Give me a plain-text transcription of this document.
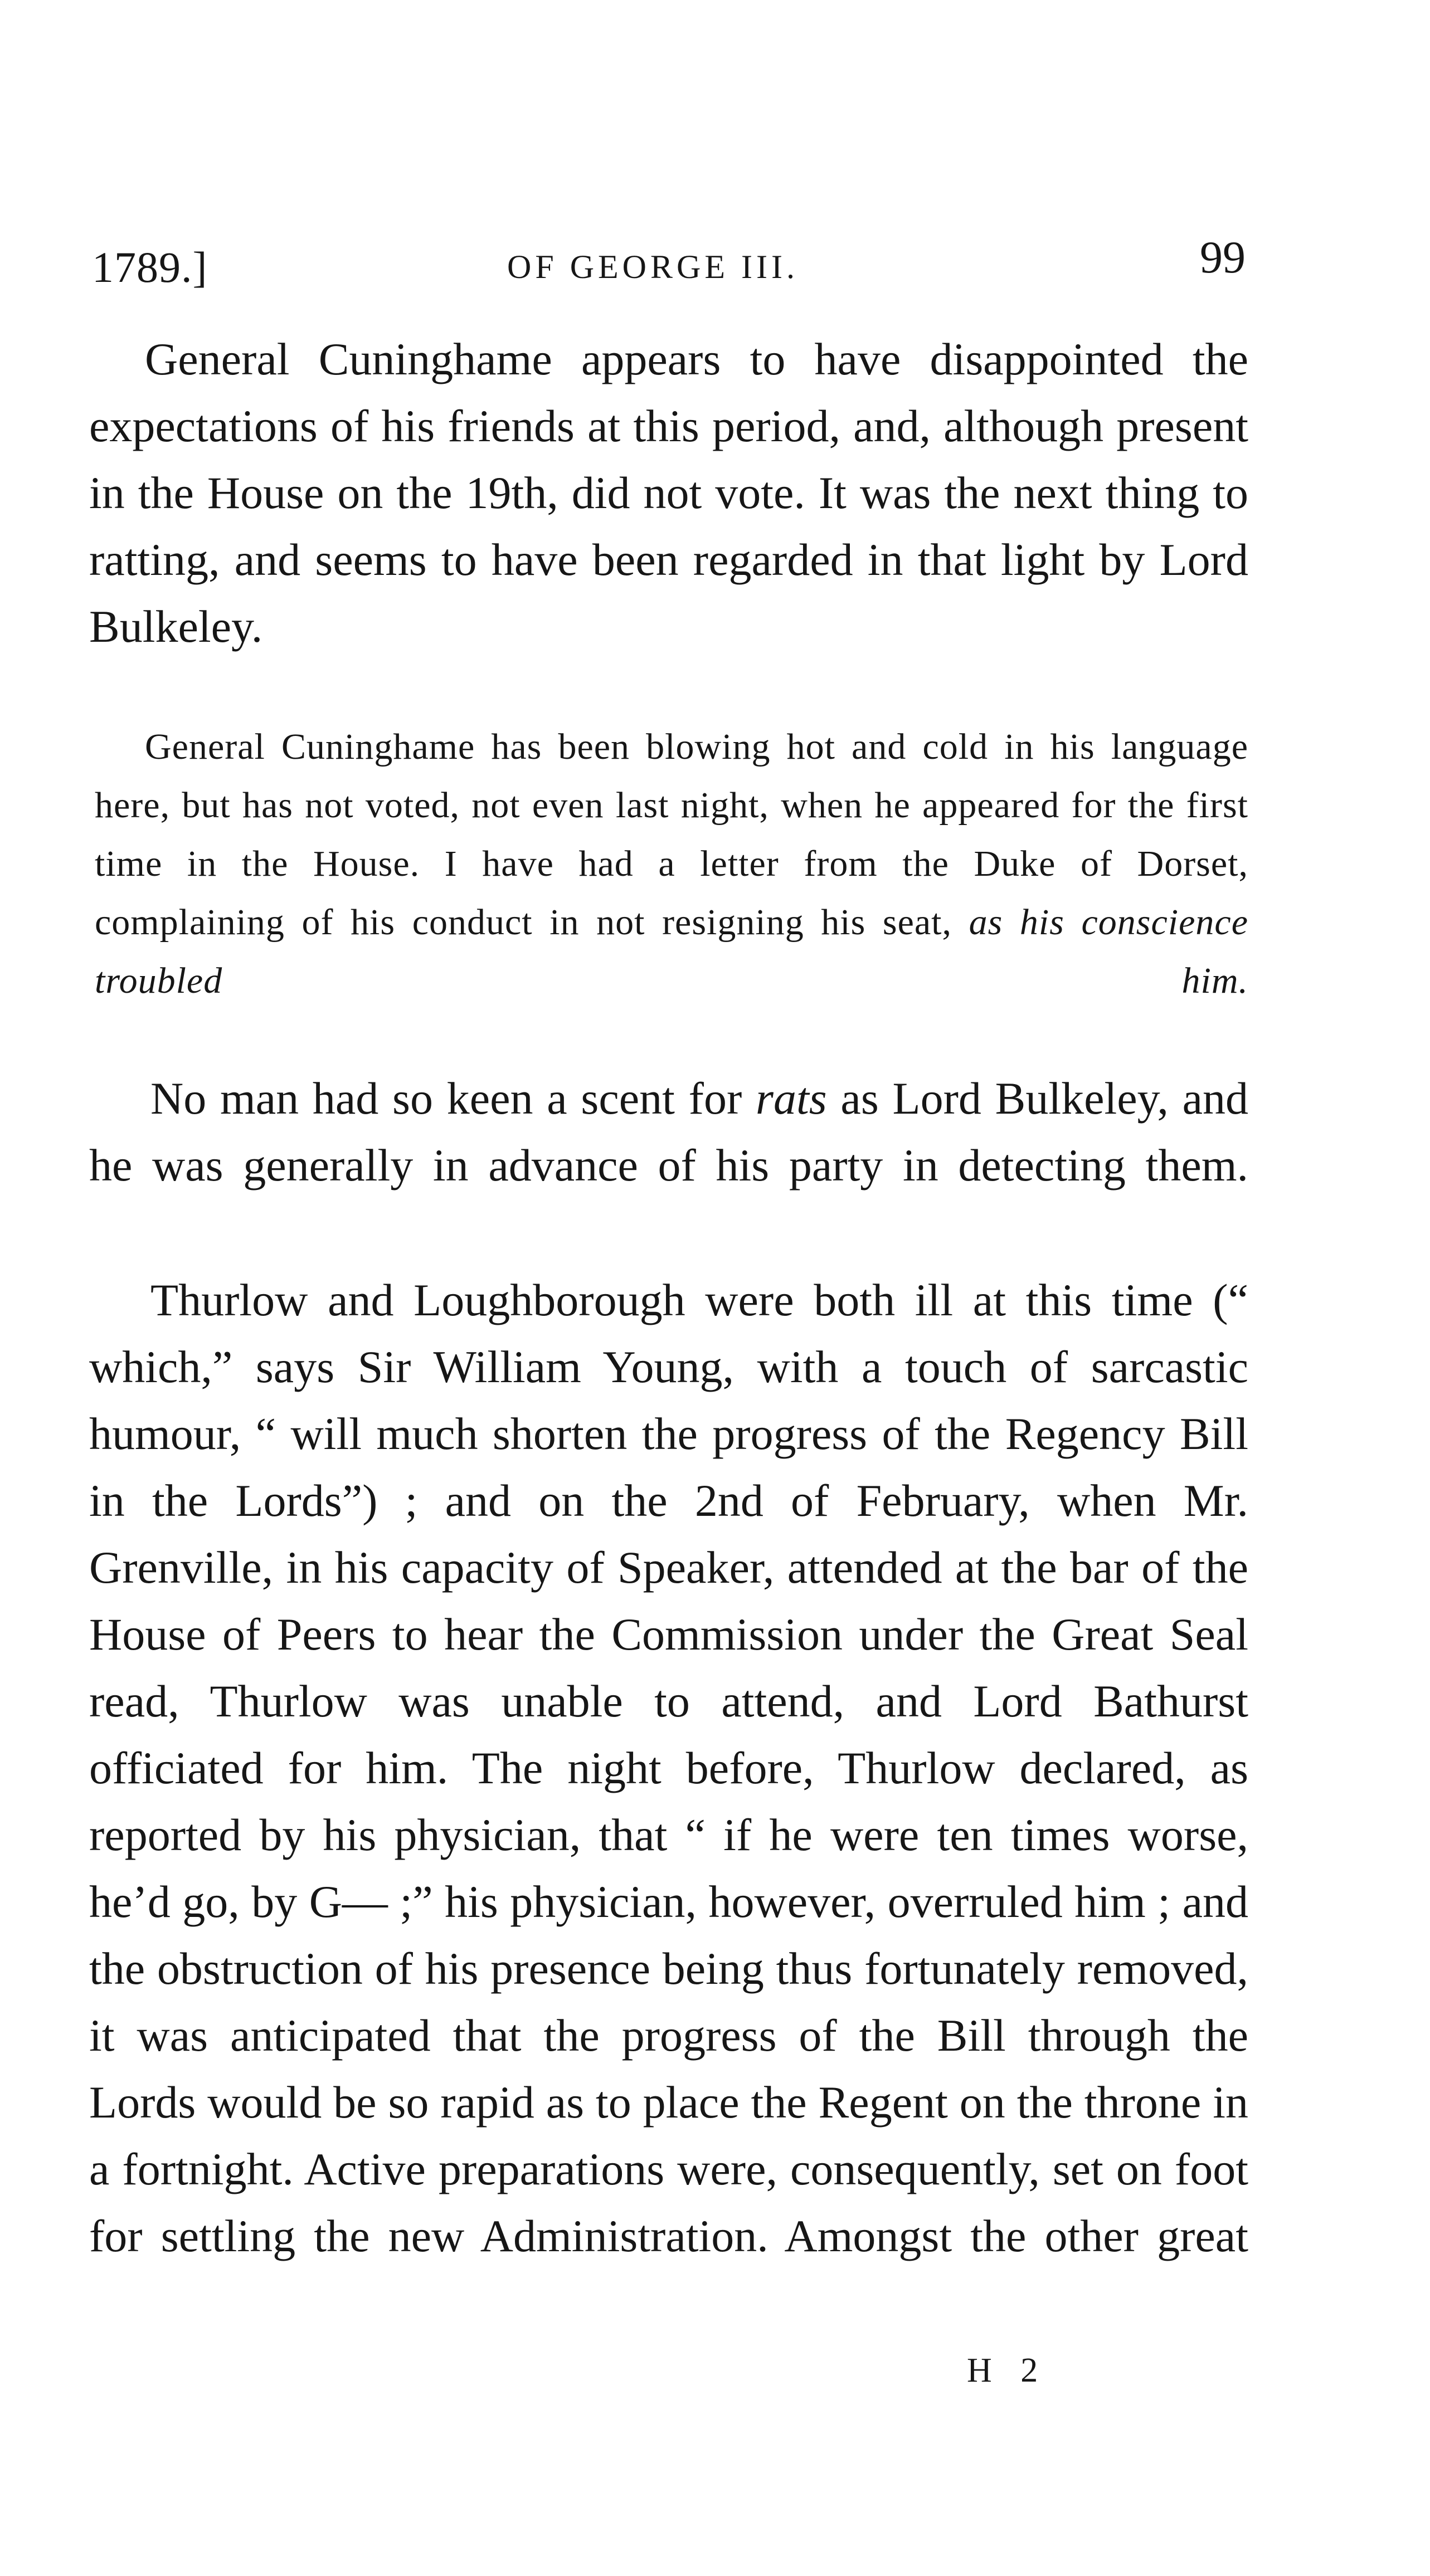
1789.]	OF GEORGE III.	99

General Cuninghame appears to have disappointed the expectations of his friends at this period, and, although present in the House on the 19th, did not vote. It was the next thing to ratting, and seems to have been regarded in that light by Lord Bulkeley.

General Cuninghame has been blowing hot and cold in his language here, but has not voted, not even last night, when he appeared for the first time in the House. I have had a letter from the Duke of Dorset, complaining of his conduct in not resigning his seat, as his conscience troubled him.

No man had so keen a scent for rats as Lord Bulkeley, and he was generally in advance of his party in detecting them.

Thurlow and Loughborough were both ill at this time (“ which,” says Sir William Young, with a touch of sarcastic humour, “ will much shorten the progress of the Regency Bill in the Lords”) ; and on the 2nd of February, when Mr. Grenville, in his capacity of Speaker, attended at the bar of the House of Peers to hear the Commission under the Great Seal read, Thurlow was unable to attend, and Lord Bathurst officiated for him. The night before, Thurlow declared, as reported by his physician, that “ if he were ten times worse, he’d go, by G— ;” his physician, however, overruled him ; and the obstruction of his presence being thus fortunately removed, it was anticipated that the progress of the Bill through the Lords would be so rapid as to place the Regent on the throne in a fortnight. Active preparations were, consequently, set on foot for settling the new Administration. Amongst the other great

H 2
